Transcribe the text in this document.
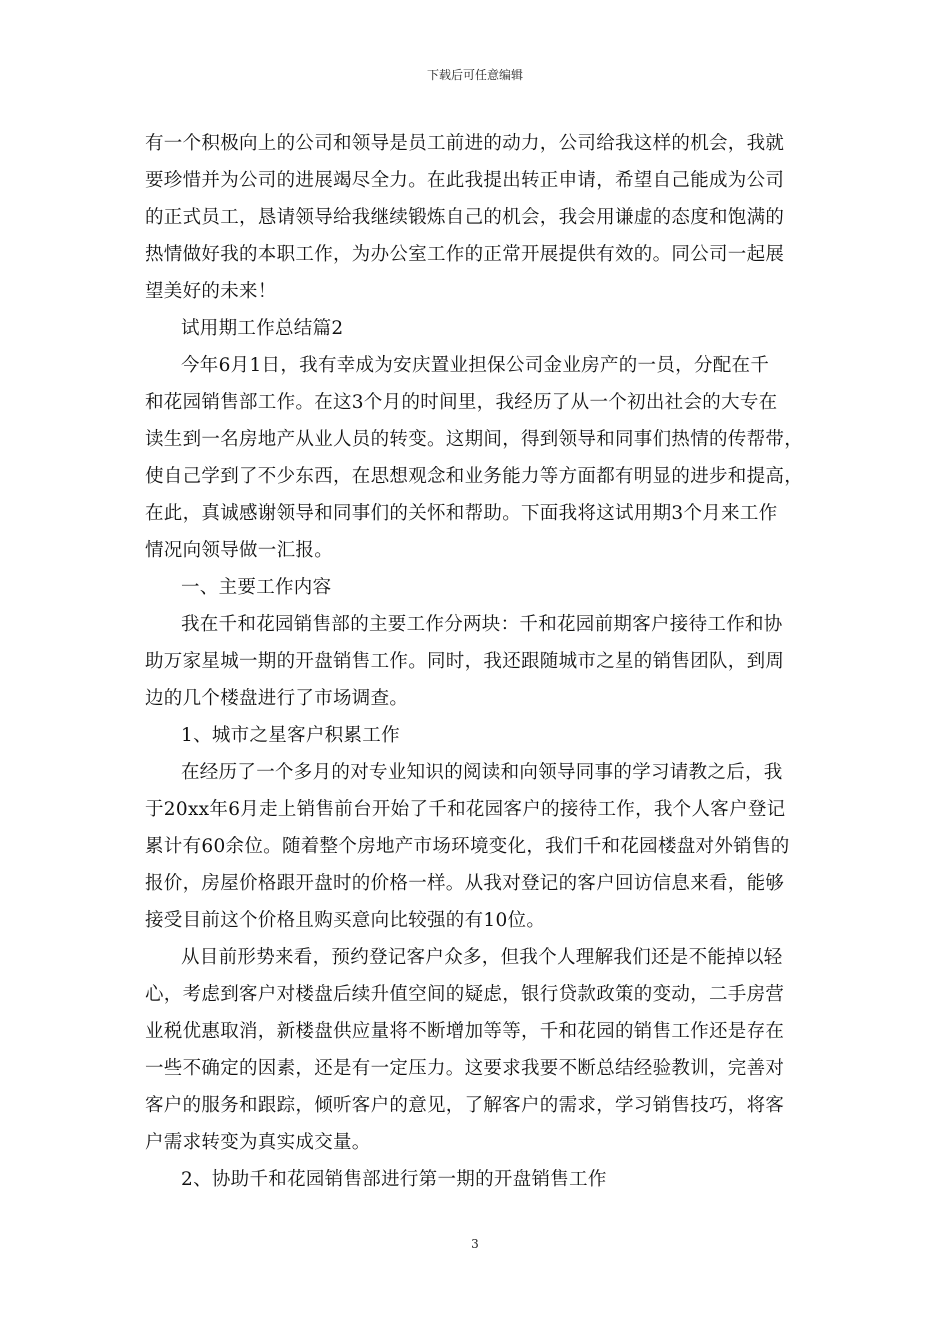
下载后可任意编辑
有一个积极向上的公司和领导是员工前进的动力，公司给我这样的机会，我就
要珍惜并为公司的进展竭尽全力。在此我提出转正申请，希望自己能成为公司
的正式员工，恳请领导给我继续锻炼自己的机会，我会用谦虚的态度和饱满的
热情做好我的本职工作，为办公室工作的正常开展提供有效的。同公司一起展
望美好的未来！
试用期工作总结篇2
今年6月1日，我有幸成为安庆置业担保公司金业房产的一员，分配在千
和花园销售部工作。在这3个月的时间里，我经历了从一个初出社会的大专在
读生到一名房地产从业人员的转变。这期间，得到领导和同事们热情的传帮带，
使自己学到了不少东西，在思想观念和业务能力等方面都有明显的进步和提高，
在此，真诚感谢领导和同事们的关怀和帮助。下面我将这试用期3个月来工作
情况向领导做一汇报。
一、主要工作内容
我在千和花园销售部的主要工作分两块：千和花园前期客户接待工作和协
助万家星城一期的开盘销售工作。同时，我还跟随城市之星的销售团队，到周
边的几个楼盘进行了市场调查。
1、城市之星客户积累工作
在经历了一个多月的对专业知识的阅读和向领导同事的学习请教之后，我
于20xx年6月走上销售前台开始了千和花园客户的接待工作，我个人客户登记
累计有60余位。随着整个房地产市场环境变化，我们千和花园楼盘对外销售的
报价，房屋价格跟开盘时的价格一样。从我对登记的客户回访信息来看，能够
接受目前这个价格且购买意向比较强的有10位。
从目前形势来看，预约登记客户众多，但我个人理解我们还是不能掉以轻
心，考虑到客户对楼盘后续升值空间的疑虑，银行贷款政策的变动，二手房营
业税优惠取消，新楼盘供应量将不断增加等等，千和花园的销售工作还是存在
一些不确定的因素，还是有一定压力。这要求我要不断总结经验教训，完善对
客户的服务和跟踪，倾听客户的意见，了解客户的需求，学习销售技巧，将客
户需求转变为真实成交量。
2、协助千和花园销售部进行第一期的开盘销售工作
3
